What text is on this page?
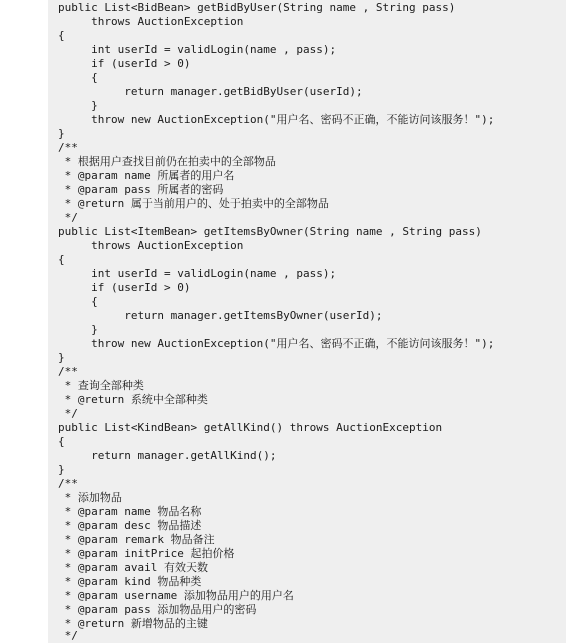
public List<BidBean> getBidByUser(String name , String pass)
throws AuctionException
{
int userId = validLogin(name , pass);
if (userId > 0)
{
return manager.getBidByUser(userId);
}
throw new AuctionException("用户名、密码不正确，不能访问该服务！");
}
/**
* 根据用户查找目前仍在拍卖中的全部物品
* @param name 所属者的用户名
* @param pass 所属者的密码
* @return 属于当前用户的、处于拍卖中的全部物品
*/
public List<ItemBean> getItemsByOwner(String name , String pass)
throws AuctionException
{
int userId = validLogin(name , pass);
if (userId > 0)
{
return manager.getItemsByOwner(userId);
}
throw new AuctionException("用户名、密码不正确，不能访问该服务！");
}
/**
* 查询全部种类
* @return 系统中全部种类
*/
public List<KindBean> getAllKind() throws AuctionException
{
return manager.getAllKind();
}
/**
* 添加物品
* @param name 物品名称
* @param desc 物品描述
* @param remark 物品备注
* @param initPrice 起拍价格
* @param avail 有效天数
* @param kind 物品种类
* @param username 添加物品用户的用户名
* @param pass 添加物品用户的密码
* @return 新增物品的主键
*/
